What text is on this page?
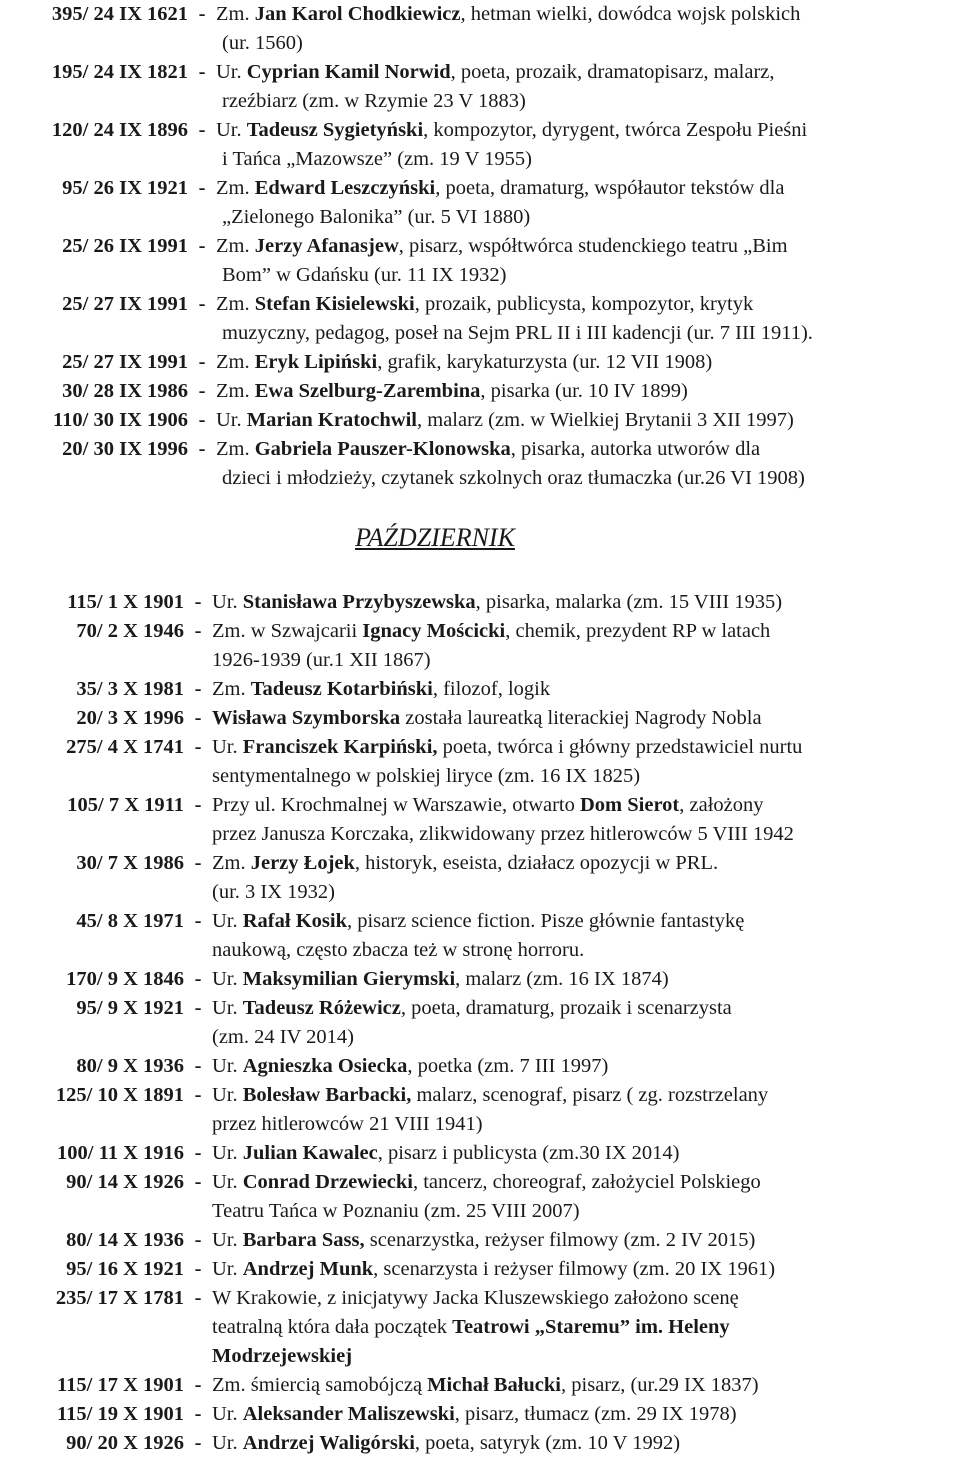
395/ 24 IX 1621 - Zm. Jan Karol Chodkiewicz, hetman wielki, dowódca wojsk polskich
(ur. 1560)
195/ 24 IX 1821 - Ur. Cyprian Kamil Norwid, poeta, prozaik, dramatopisarz, malarz,
rzeźbiarz (zm. w Rzymie 23 V 1883)
120/ 24 IX 1896 - Ur. Tadeusz Sygietyński, kompozytor, dyrygent, twórca Zespołu Pieśni
i Tańca „Mazowsze” (zm. 19 V 1955)
95/ 26 IX 1921 - Zm. Edward Leszczyński, poeta, dramaturg, współautor tekstów dla
„Zielonego Balonika” (ur. 5 VI 1880)
25/ 26 IX 1991 - Zm. Jerzy Afanasjew, pisarz, współtwórca studenckiego teatru „Bim
Bom” w Gdańsku (ur. 11 IX 1932)
25/ 27 IX 1991 - Zm. Stefan Kisielewski, prozaik, publicysta, kompozytor, krytyk
muzyczny, pedagog, poseł na Sejm PRL II i III kadencji (ur. 7 III 1911).
25/ 27 IX 1991 - Zm. Eryk Lipiński, grafik, karykaturzysta (ur. 12 VII 1908)
30/ 28 IX 1986 - Zm. Ewa Szelburg-Zarembina, pisarka (ur. 10 IV 1899)
110/ 30 IX 1906 - Ur. Marian Kratochwil, malarz (zm. w Wielkiej Brytanii 3 XII 1997)
20/ 30 IX 1996 - Zm. Gabriela Pauszer-Klonowska, pisarka, autorka utworów dla
dzieci i młodzieży, czytanek szkolnych oraz tłumaczka (ur.26 VI 1908)
PAŹDZIERNIK
115/ 1 X 1901 - Ur. Stanisława Przybyszewska, pisarka, malarka (zm. 15 VIII 1935)
70/ 2 X 1946 - Zm. w Szwajcarii Ignacy Mościcki, chemik, prezydent RP w latach
1926-1939 (ur.1 XII 1867)
35/ 3 X 1981 - Zm. Tadeusz Kotarbiński, filozof, logik
20/ 3 X 1996 - Wisława Szymborska została laureatką literackiej Nagrody Nobla
275/ 4 X 1741 - Ur. Franciszek Karpiński, poeta, twórca i główny przedstawiciel nurtu
sentymentalnego w polskiej liryce (zm. 16 IX 1825)
105/ 7 X 1911 - Przy ul. Krochmalnej w Warszawie, otwarto Dom Sierot, założony
przez Janusza Korczaka, zlikwidowany przez hitlerowców 5 VIII 1942
30/ 7 X 1986 - Zm. Jerzy Łojek, historyk, eseista, działacz opozycji w PRL.
(ur. 3 IX 1932)
45/ 8 X 1971 - Ur. Rafał Kosik, pisarz science fiction. Pisze głównie fantastykę
naukową, często zbacza też w stronę horroru.
170/ 9 X 1846 - Ur. Maksymilian Gierymski, malarz (zm. 16 IX 1874)
95/ 9 X 1921 - Ur. Tadeusz Różewicz, poeta, dramaturg, prozaik i scenarzysta
(zm. 24 IV 2014)
80/ 9 X 1936 - Ur. Agnieszka Osiecka, poetka (zm. 7 III 1997)
125/ 10 X 1891 - Ur. Bolesław Barbacki, malarz, scenograf, pisarz ( zg. rozstrzelany
przez hitlerowców 21 VIII 1941)
100/ 11 X 1916 - Ur. Julian Kawalec, pisarz i publicysta (zm.30 IX 2014)
90/ 14 X 1926 - Ur. Conrad Drzewiecki, tancerz, choreograf, założyciel Polskiego
Teatru Tańca w Poznaniu (zm. 25 VIII 2007)
80/ 14 X 1936 - Ur. Barbara Sass, scenarzystka, reżyser filmowy (zm. 2 IV 2015)
95/ 16 X 1921 - Ur. Andrzej Munk, scenarzysta i reżyser filmowy (zm. 20 IX 1961)
235/ 17 X 1781 - W Krakowie, z inicjatywy Jacka Kluszewskiego założono scenę
teatralną która dała początek Teatrowi „Staremu” im. Heleny
Modrzejewskiej
115/ 17 X 1901 - Zm. śmiercią samobójczą Michał Bałucki, pisarz, (ur.29 IX 1837)
115/ 19 X 1901 - Ur. Aleksander Maliszewski, pisarz, tłumacz (zm. 29 IX 1978)
90/ 20 X 1926 - Ur. Andrzej Waligórski, poeta, satyryk (zm. 10 V 1992)
